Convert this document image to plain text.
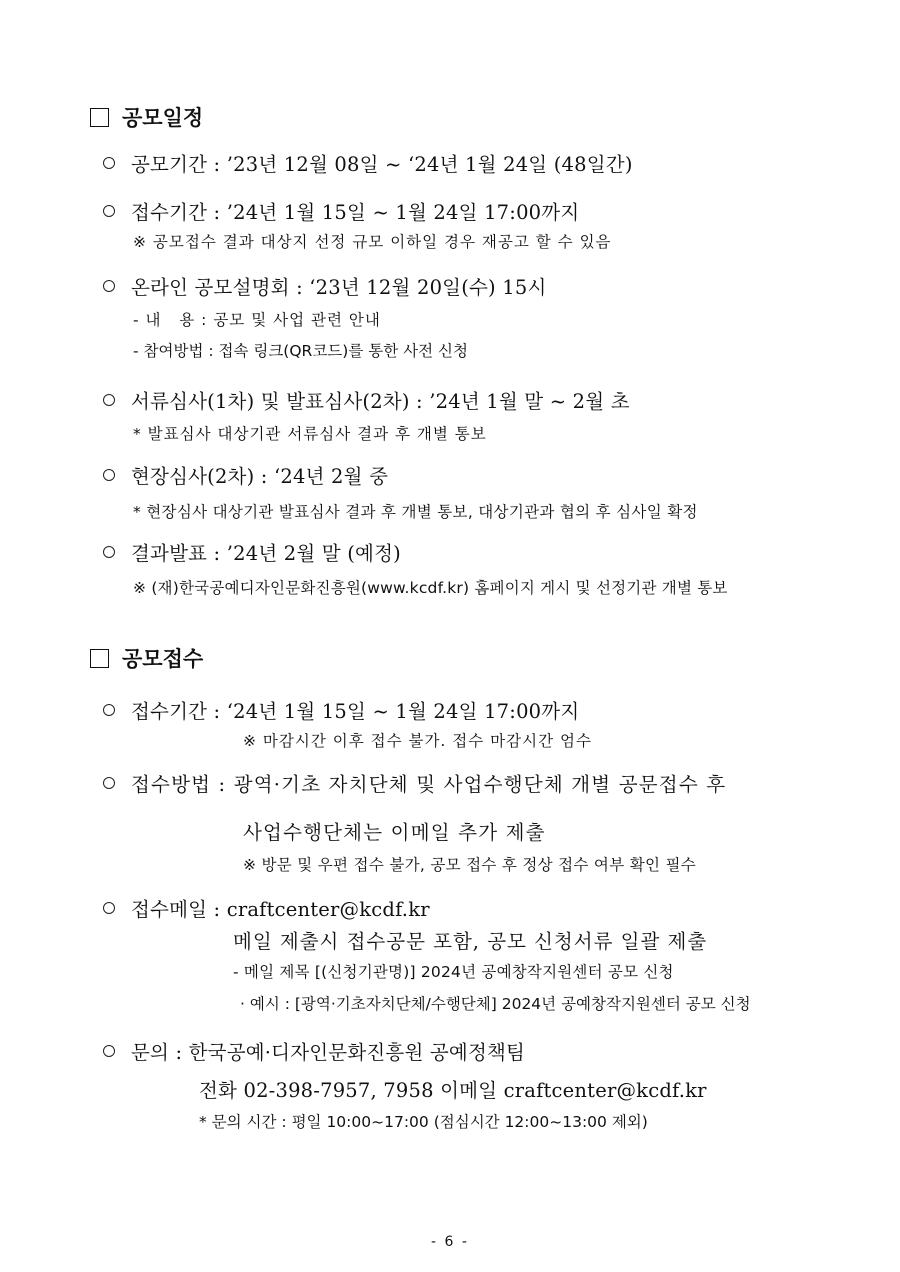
공모일정
공모기간 : ’23년 12월 08일 ~ ‘24년 1월 24일 (48일간)
접수기간 : ’24년 1월 15일 ~ 1월 24일 17:00까지
※ 공모접수 결과 대상지 선정 규모 이하일 경우 재공고 할 수 있음
온라인 공모설명회 : ‘23년 12월 20일(수) 15시
- 내   용 : 공모 및 사업 관련 안내
- 참여방법 : 접속 링크(QR코드)를 통한 사전 신청
서류심사(1차) 및 발표심사(2차) : ’24년 1월 말 ~ 2월 초
* 발표심사 대상기관 서류심사 결과 후 개별 통보
현장심사(2차) : ‘24년 2월 중
* 현장심사 대상기관 발표심사 결과 후 개별 통보, 대상기관과 협의 후 심사일 확정
결과발표 : ’24년 2월 말 (예정)
※ (재)한국공예디자인문화진흥원(www.kcdf.kr) 홈페이지 게시 및 선정기관 개별 통보
공모접수
접수기간 : ‘24년 1월 15일 ~ 1월 24일 17:00까지
※ 마감시간 이후 접수 불가. 접수 마감시간 엄수
접수방법 : 광역·기초 자치단체 및 사업수행단체 개별 공문접수 후
사업수행단체는 이메일 추가 제출
※ 방문 및 우편 접수 불가, 공모 접수 후 정상 접수 여부 확인 필수
접수메일 : craftcenter@kcdf.kr
메일 제출시 접수공문 포함, 공모 신청서류 일괄 제출
- 메일 제목 [(신청기관명)] 2024년 공예창작지원센터 공모 신청
· 예시 : [광역·기초자치단체/수행단체] 2024년 공예창작지원센터 공모 신청
문의 : 한국공예·디자인문화진흥원 공예정책팀
전화 02-398-7957, 7958 이메일 craftcenter@kcdf.kr
* 문의 시간 : 평일 10:00~17:00 (점심시간 12:00~13:00 제외)
- 6 -
